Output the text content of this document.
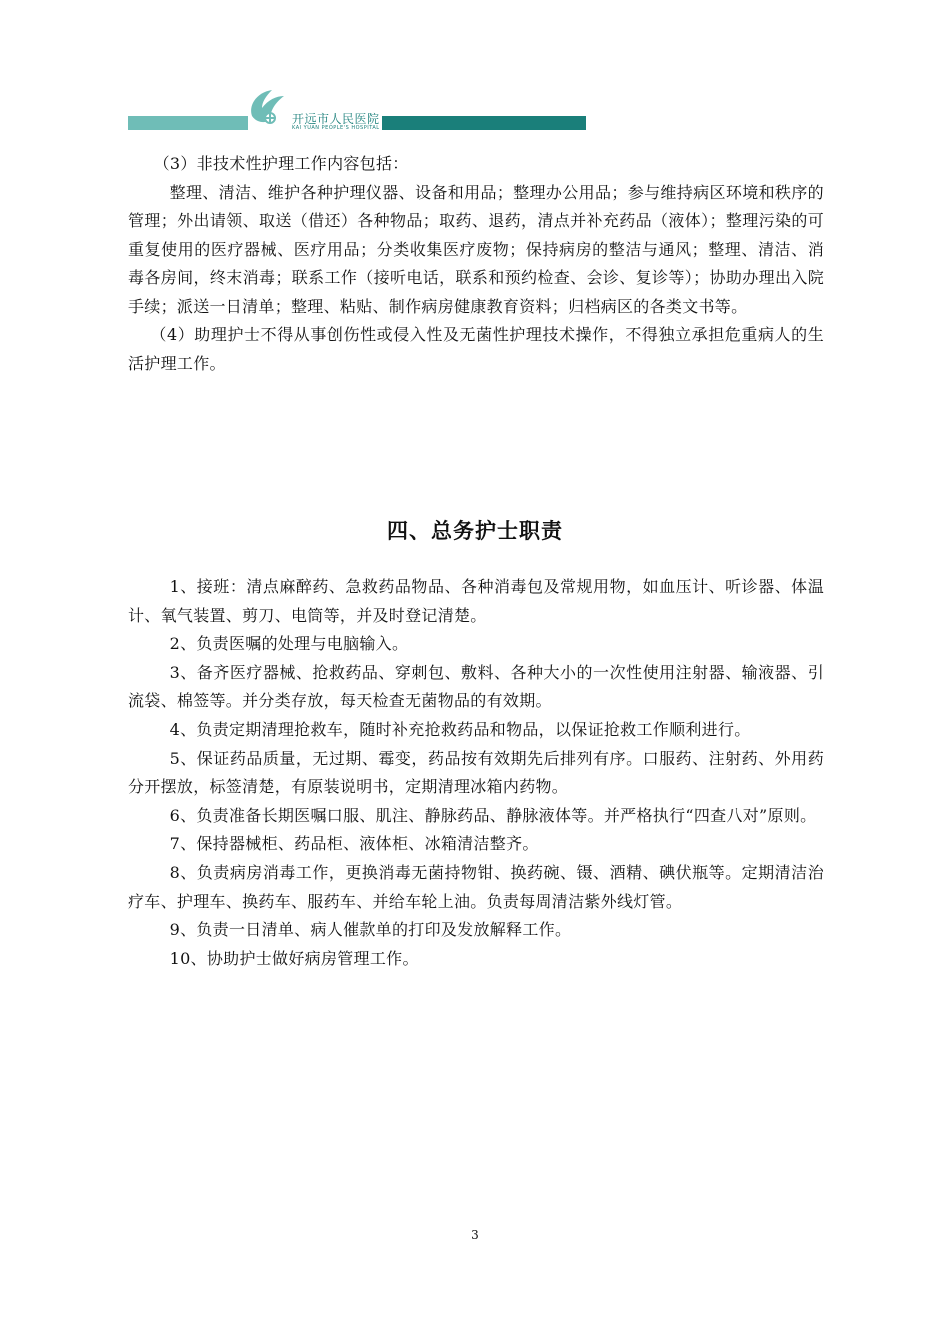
开远市人民医院
KAI YUAN PEOPLE'S HOSPITAL

（3）非技术性护理工作内容包括：

整理、清洁、维护各种护理仪器、设备和用品；整理办公用品；参与维持病区环境和秩序的管理；外出请领、取送（借还）各种物品；取药、退药，清点并补充药品（液体）；整理污染的可重复使用的医疗器械、医疗用品；分类收集医疗废物；保持病房的整洁与通风；整理、清洁、消毒各房间，终末消毒；联系工作（接听电话，联系和预约检查、会诊、复诊等）；协助办理出入院手续；派送一日清单；整理、粘贴、制作病房健康教育资料；归档病区的各类文书等。

（4）助理护士不得从事创伤性或侵入性及无菌性护理技术操作，不得独立承担危重病人的生活护理工作。

四、总务护士职责

1、接班：清点麻醉药、急救药品物品、各种消毒包及常规用物，如血压计、听诊器、体温计、氧气装置、剪刀、电筒等，并及时登记清楚。

2、负责医嘱的处理与电脑输入。

3、备齐医疗器械、抢救药品、穿刺包、敷料、各种大小的一次性使用注射器、输液器、引流袋、棉签等。并分类存放，每天检查无菌物品的有效期。

4、负责定期清理抢救车，随时补充抢救药品和物品，以保证抢救工作顺利进行。

5、保证药品质量，无过期、霉变，药品按有效期先后排列有序。口服药、注射药、外用药分开摆放，标签清楚，有原装说明书，定期清理冰箱内药物。

6、负责准备长期医嘱口服、肌注、静脉药品、静脉液体等。并严格执行“四查八对”原则。

7、保持器械柜、药品柜、液体柜、冰箱清洁整齐。

8、负责病房消毒工作，更换消毒无菌持物钳、换药碗、镊、酒精、碘伏瓶等。定期清洁治疗车、护理车、换药车、服药车、并给车轮上油。负责每周清洁紫外线灯管。

9、负责一日清单、病人催款单的打印及发放解释工作。

10、协助护士做好病房管理工作。

3
